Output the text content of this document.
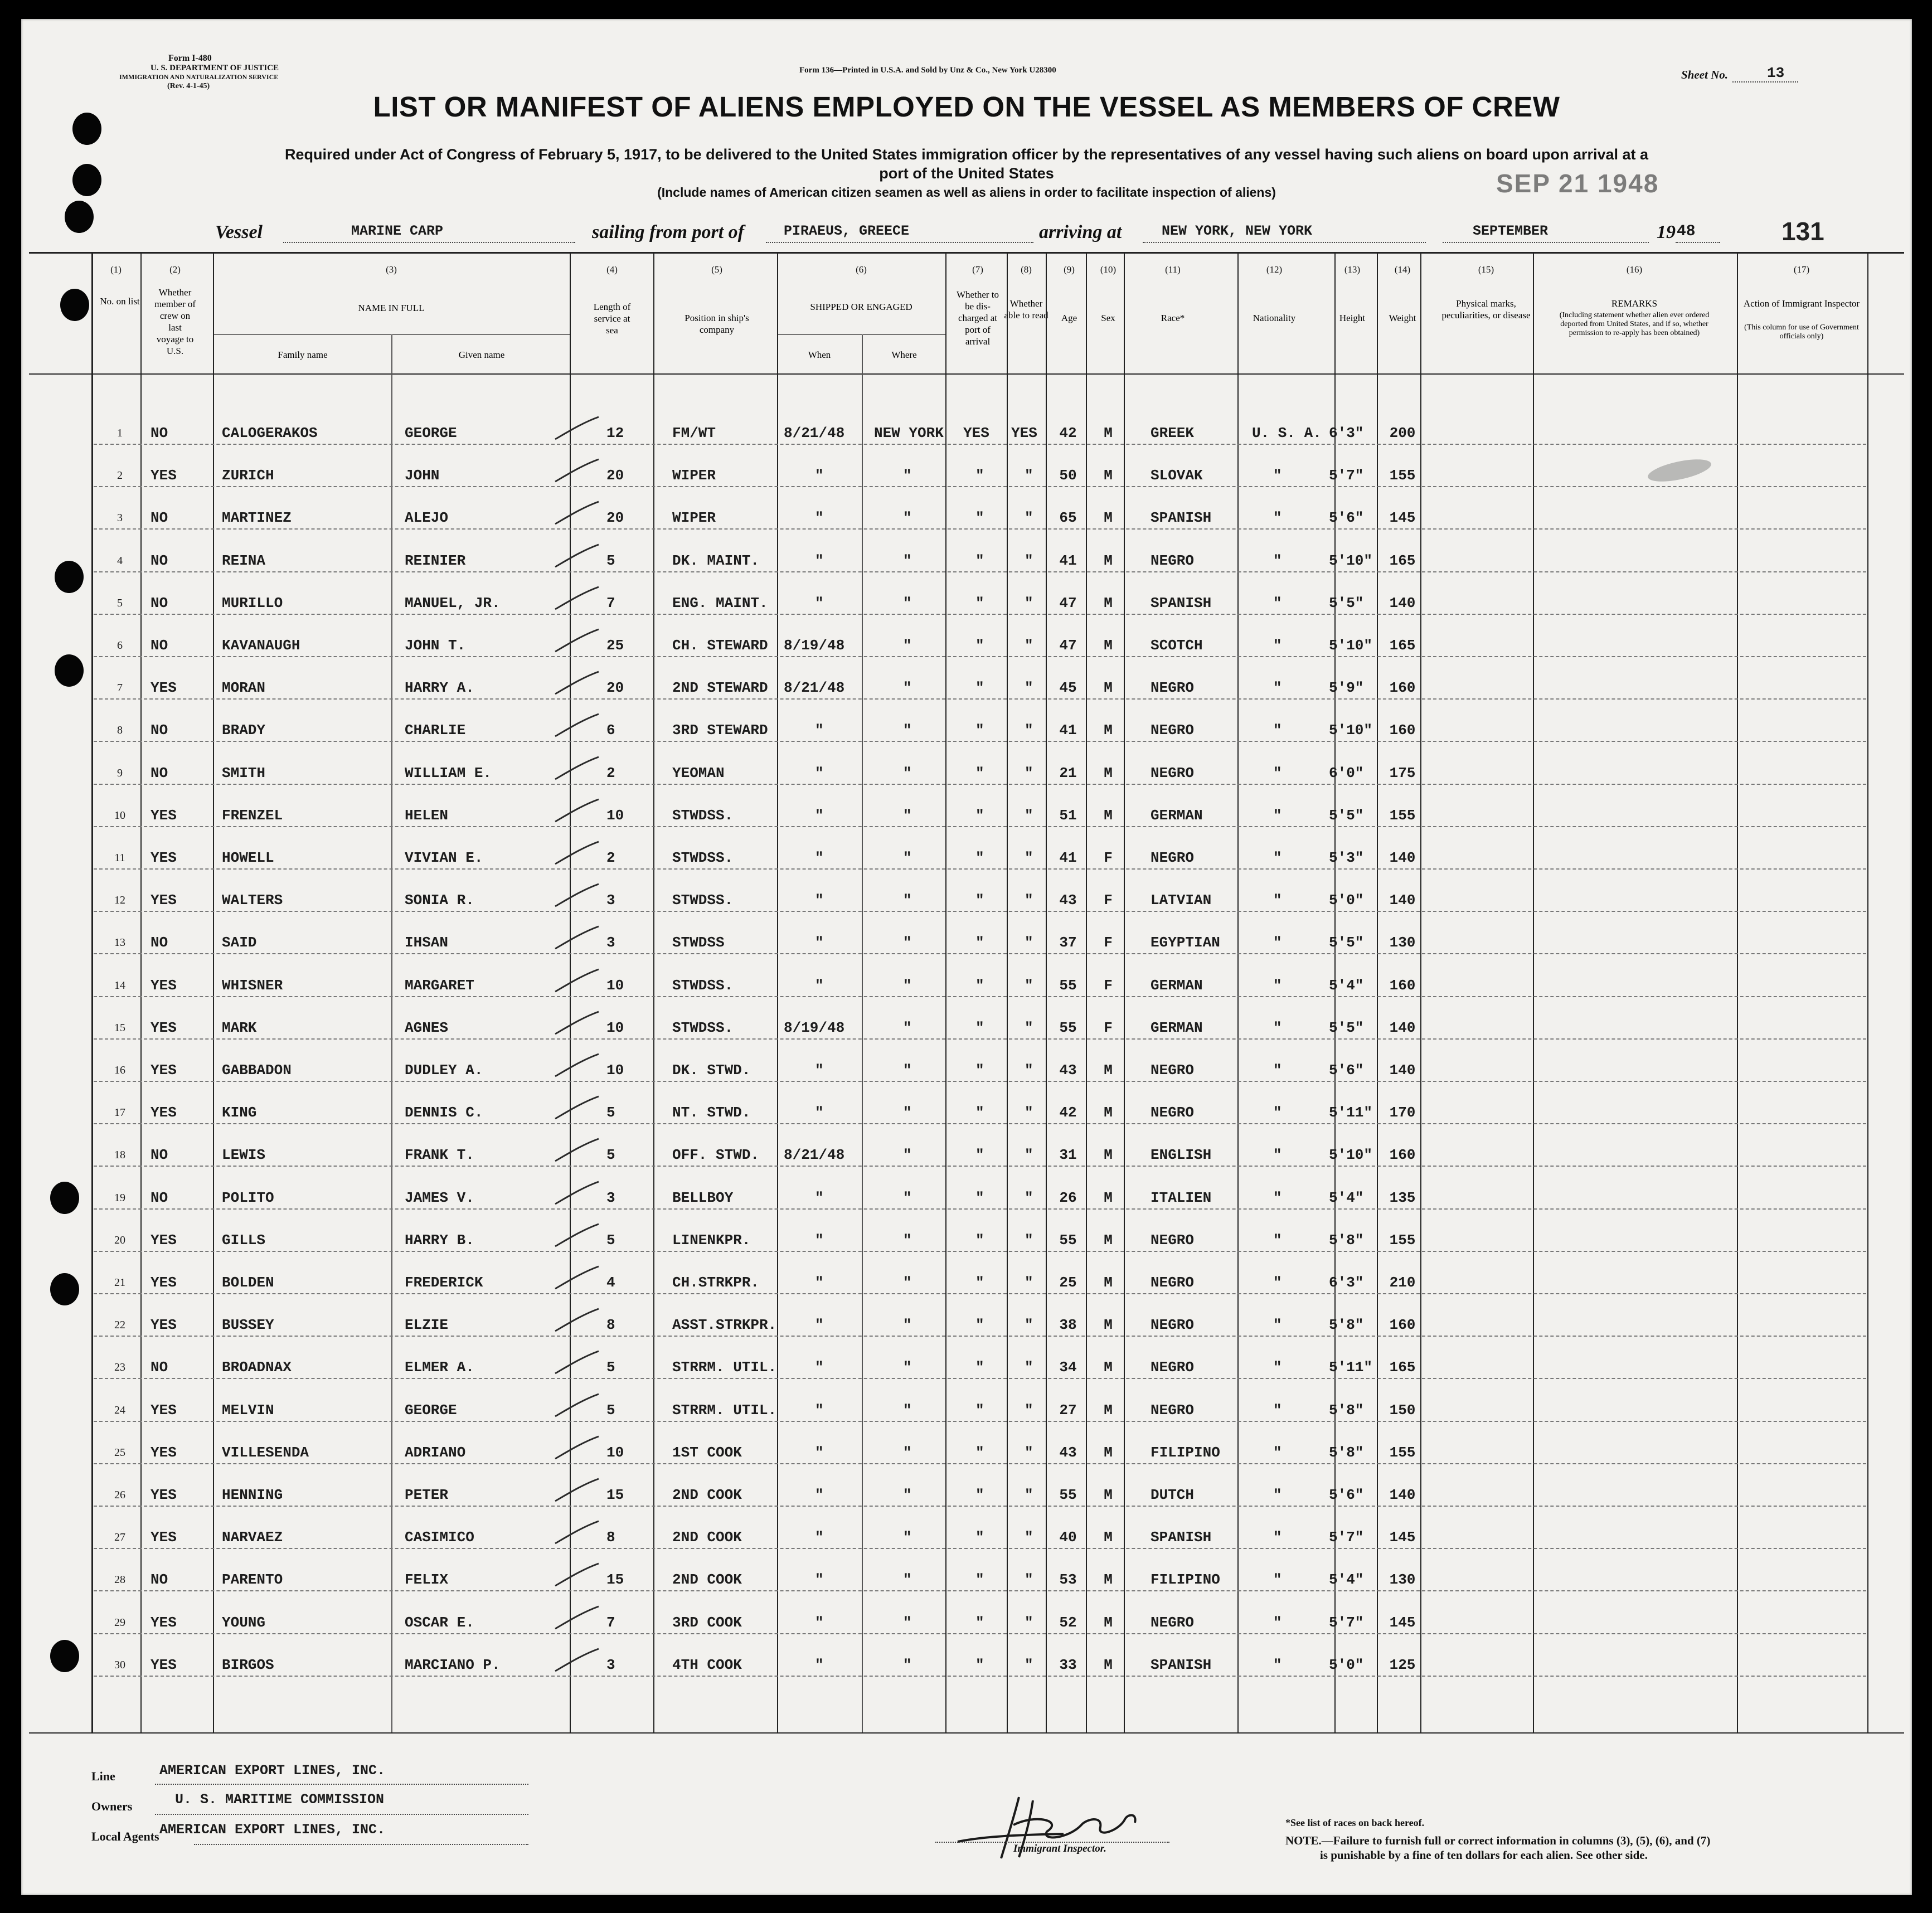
Form I-480
U. S. DEPARTMENT OF JUSTICE
IMMIGRATION AND NATURALIZATION SERVICE
(Rev. 4-1-45)
Form 136—Printed in U.S.A. and Sold by Unz & Co., New York U28300	Sheet No.	13
LIST OR MANIFEST OF ALIENS EMPLOYED ON THE VESSEL AS MEMBERS OF CREW
Required under Act of Congress of February 5, 1917, to be delivered to the United States immigration officer by the representatives of any vessel having such aliens on board upon arrival at a
port of the United States
(Include names of American citizen seamen as well as aliens in order to facilitate inspection of aliens)	SEP 21 1948
Vessel	MARINE CARP	sailing from port of	PIRAEUS, GREECE	arriving at	NEW YORK, NEW YORK	SEPTEMBER	19 48	131
(1)	(2)	(3)	(4)	(5)	(6)	(7)	(8)	(9)	(10)	(11)	(12)	(13)	(14)	(15)	(16)	(17)
No. on list
Whether member of crew on last voyage to U.S.
NAME IN FULL
Family name	Given name
Length of service at sea
Position in ship's company
SHIPPED OR ENGAGED
When	Where
Whether to be dis-charged at port of arrival
Whether able to read Age	Sex	Race*	Nationality	Height	Weight
Physical marks, peculiarities, or disease
REMARKS
(Including statement whether alien ever ordered deported from United States, and if so, whether permission to re-apply has been obtained)
Action of Immigrant Inspector
(This column for use of Government officials only)
1 NO	CALOGERAKOS	GEORGE	12	FM/WT	8/21/48 NEW YORK YES YES 42 M	GREEK	U. S. A. 6'3" 200
2 YES	ZURICH	JOHN	20	WIPER	"	"	"	" 50 M	SLOVAK	"	5'7" 155
3 NO	MARTINEZ	ALEJO	20	WIPER	"	"	"	" 65 M	SPANISH	"	5'6" 145
4 NO	REINA	REINIER	5	DK. MAINT.	"	"	"	" 41 M	NEGRO	"	5'10" 165
5 NO	MURILLO	MANUEL, JR.	7	ENG. MAINT.	"	"	"	" 47 M	SPANISH	"	5'5" 140
6 NO	KAVANAUGH	JOHN T.	25	CH. STEWARD 8/19/48	"	"	" 47 M	SCOTCH	"	5'10" 165
7 YES	MORAN	HARRY A.	20	2ND STEWARD 8/21/48	"	"	" 45 M	NEGRO	"	5'9" 160
8 NO	BRADY	CHARLIE	6	3RD STEWARD	"	"	"	" 41 M	NEGRO	"	5'10" 160
9 NO	SMITH	WILLIAM E.	2	YEOMAN	"	"	"	" 21 M	NEGRO	"	6'0" 175
10 YES	FRENZEL	HELEN	10	STWDSS.	"	"	"	" 51 M	GERMAN	"	5'5" 155
11 YES	HOWELL	VIVIAN E.	2	STWDSS.	"	"	"	" 41 F	NEGRO	"	5'3" 140
12 YES	WALTERS	SONIA R.	3	STWDSS.	"	"	"	" 43 F	LATVIAN	"	5'0" 140
13 NO	SAID	IHSAN	3	STWDSS	"	"	"	" 37 F	EGYPTIAN	"	5'5" 130
14 YES	WHISNER	MARGARET	10	STWDSS.	"	"	"	" 55 F	GERMAN	"	5'4" 160
15 YES	MARK	AGNES	10	STWDSS.	8/19/48	"	"	" 55 F	GERMAN	"	5'5" 140
16 YES	GABBADON	DUDLEY A.	10	DK. STWD.	"	"	"	" 43 M	NEGRO	"	5'6" 140
17 YES	KING	DENNIS C.	5	NT. STWD.	"	"	"	" 42 M	NEGRO	"	5'11" 170
18 NO	LEWIS	FRANK T.	5	OFF. STWD. 8/21/48	"	"	" 31 M	ENGLISH	"	5'10" 160
19 NO	POLITO	JAMES V.	3	BELLBOY	"	"	"	" 26 M	ITALIEN	"	5'4" 135
20 YES	GILLS	HARRY B.	5	LINENKPR.	"	"	"	" 55 M	NEGRO	"	5'8" 155
21 YES	BOLDEN	FREDERICK	4	CH.STRKPR.	"	"	"	" 25 M	NEGRO	"	6'3" 210
22 YES	BUSSEY	ELZIE	8	ASST.STRKPR.	"	"	"	" 38 M	NEGRO	"	5'8" 160
23 NO	BROADNAX	ELMER A.	5	STRRM. UTIL.	"	"	"	" 34 M	NEGRO	"	5'11" 165
24 YES	MELVIN	GEORGE	5	STRRM. UTIL.	"	"	"	" 27 M	NEGRO	"	5'8" 150
25 YES	VILLESENDA	ADRIANO	10	1ST COOK	"	"	"	" 43 M	FILIPINO	"	5'8" 155
26 YES	HENNING	PETER	15	2ND COOK	"	"	"	" 55 M	DUTCH	"	5'6" 140
27 YES	NARVAEZ	CASIMICO	8	2ND COOK	"	"	"	" 40 M	SPANISH	"	5'7" 145
28 NO	PARENTO	FELIX	15	2ND COOK	"	"	"	" 53 M	FILIPINO	"	5'4" 130
29 YES	YOUNG	OSCAR E.	7	3RD COOK	"	"	"	" 52 M	NEGRO	"	5'7" 145
30 YES	BIRGOS	MARCIANO P.	3	4TH COOK	"	"	"	" 33 M	SPANISH	"	5'0" 125
Line	AMERICAN EXPORT LINES, INC.
Owners	U. S. MARITIME COMMISSION
Local Agents AMERICAN EXPORT LINES, INC.
Immigrant Inspector.
*See list of races on back hereof.
NOTE.—Failure to furnish full or correct information in columns (3), (5), (6), and (7)
is punishable by a fine of ten dollars for each alien. See other side.
